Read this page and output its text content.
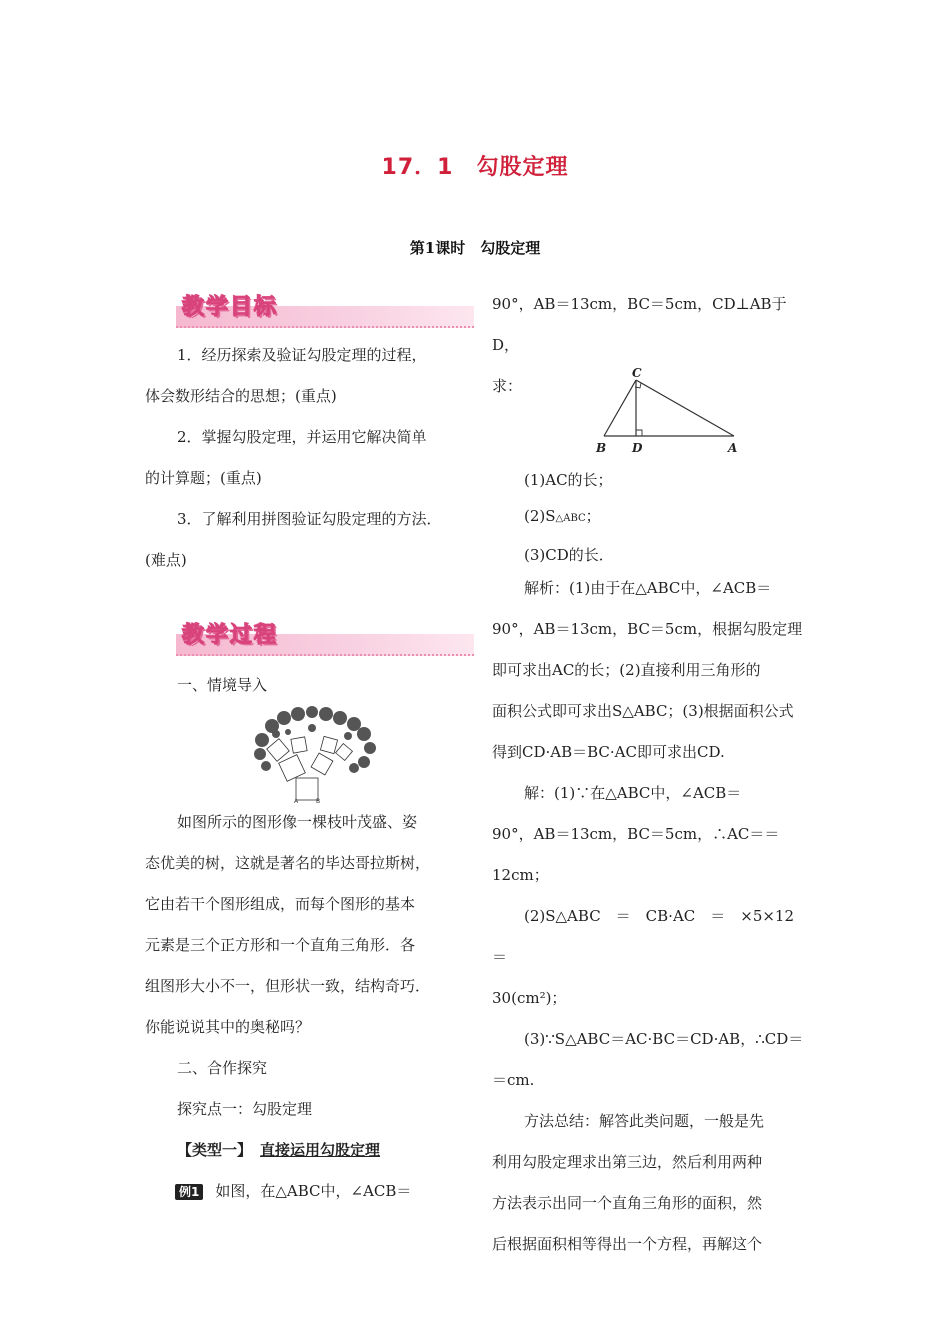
17．1　勾股定理
第1课时　勾股定理
教学目标

1．经历探索及验证勾股定理的过程，

体会数形结合的思想；(重点)

2．掌握勾股定理，并运用它解决简单

的计算题；(重点)

3．了解利用拼图验证勾股定理的方法．

(难点)

教学过程

一、情境导入

A	B

如图所示的图形像一棵枝叶茂盛、姿

态优美的树，这就是著名的毕达哥拉斯树，

它由若干个图形组成，而每个图形的基本

元素是三个正方形和一个直角三角形．各

组图形大小不一，但形状一致，结构奇巧．

你能说说其中的奥秘吗？

二、合作探究

探究点一：勾股定理

【类型一】 直接运用勾股定理

例1 如图，在△ABC中，∠ACB＝

90°，AB＝13cm，BC＝5cm，CD⊥AB于D，

求：

C
B D	A

(1)AC的长；

(2)S△ABC；

(3)CD的长．

解析：(1)由于在△ABC中，∠ACB＝

90°，AB＝13cm，BC＝5cm，根据勾股定理

即可求出AC的长；(2)直接利用三角形的

面积公式即可求出S△ABC；(3)根据面积公式

得到CD·AB＝BC·AC即可求出CD.

解：(1)∵在△ABC中，∠ACB＝

90°，AB＝13cm，BC＝5cm，∴AC＝＝

12cm；

(2)S△ABC　＝　CB·AC　＝　×5×12　＝

30(cm²)；

(3)∵S△ABC＝AC·BC＝CD·AB，∴CD＝

＝cm.

方法总结：解答此类问题，一般是先

利用勾股定理求出第三边，然后利用两种

方法表示出同一个直角三角形的面积，然

后根据面积相等得出一个方程，再解这个
